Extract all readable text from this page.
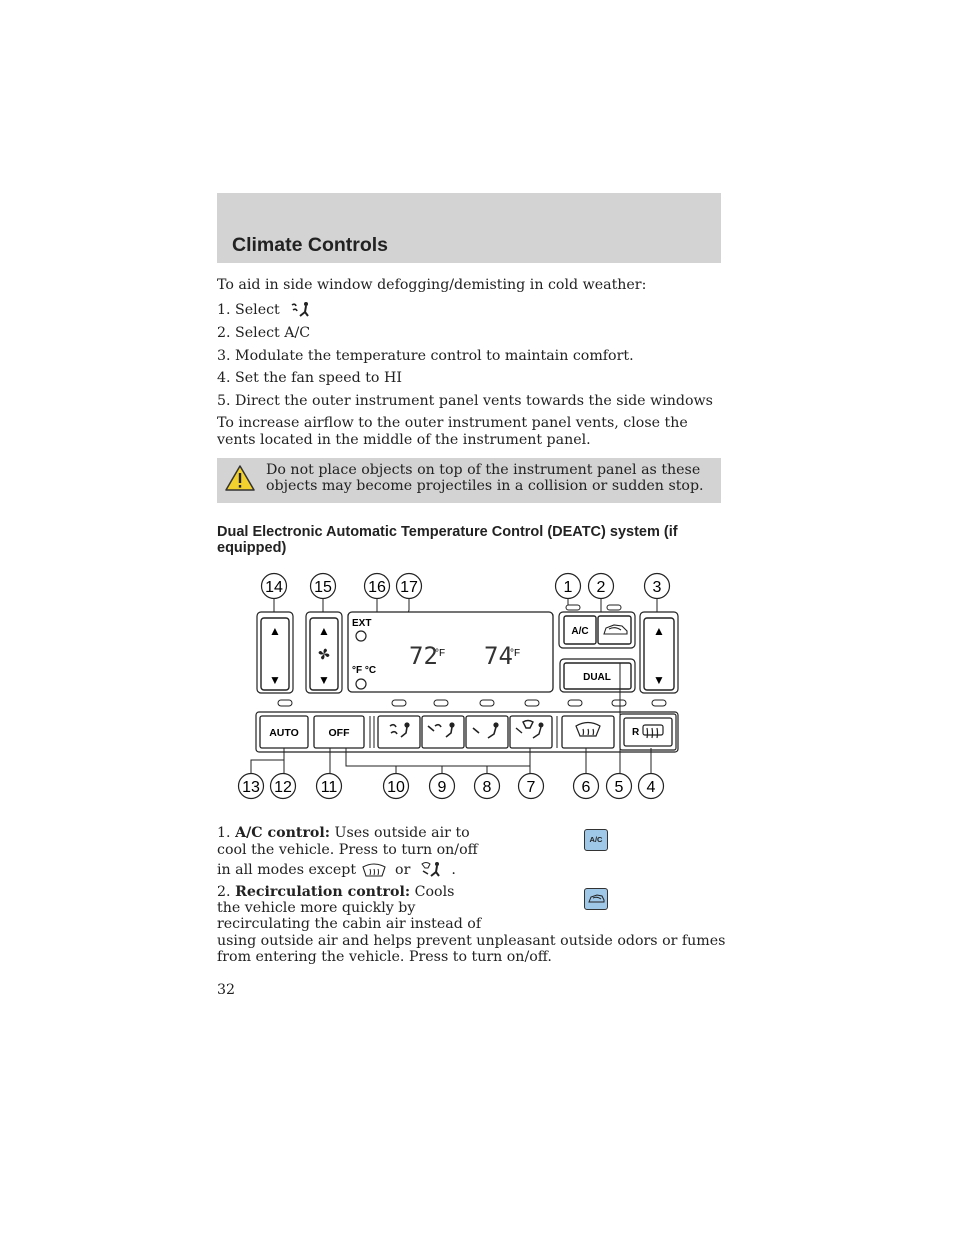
Climate Controls
To aid in side window defogging/demisting in cold weather:
1. Select
2. Select A/C
3. Modulate the temperature control to maintain comfort.
4. Set the fan speed to HI
5. Direct the outer instrument panel vents towards the side windows
To increase airflow to the outer instrument panel vents, close the vents located in the middle of the instrument panel.
Do not place objects on top of the instrument panel as these objects may become projectiles in a collision or sudden stop.
Dual Electronic Automatic Temperature Control (DEATC) system (if equipped)
14 15 16 17	1 2	3
▲
▼
▲
▼
EXT
°F °C
72
°F 74
°F
A/C
DUAL
▲
▼
AUTO	OFF	R
13 12 11	10 9 8 7	6 5 4
1. A/C control: Uses outside air to
cool the vehicle. Press to turn on/off
in all modes except	or	.
A/C
2. Recirculation control: Cools
the vehicle more quickly by
recirculating the cabin air instead of
using outside air and helps prevent unpleasant outside odors or fumes
from entering the vehicle. Press to turn on/off.
32
